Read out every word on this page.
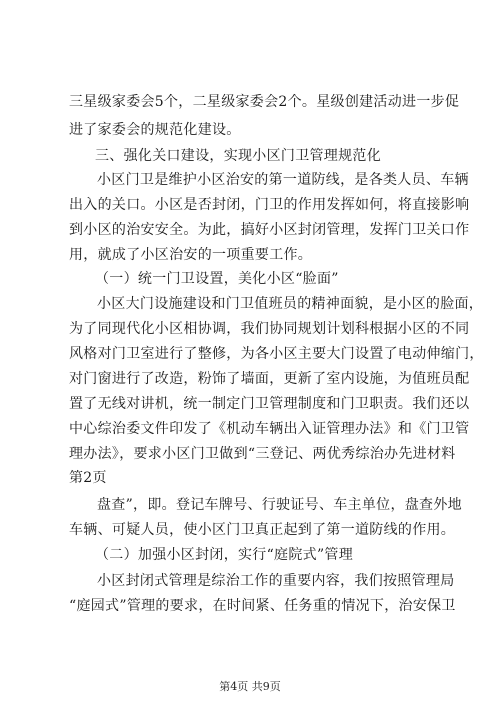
三星级家委会5个，二星级家委会2个。星级创建活动进一步促
进了家委会的规范化建设。
三、强化关口建设，实现小区门卫管理规范化
小区门卫是维护小区治安的第一道防线，是各类人员、车辆
出入的关口。小区是否封闭，门卫的作用发挥如何，将直接影响
到小区的治安安全。为此，搞好小区封闭管理，发挥门卫关口作
用，就成了小区治安的一项重要工作。
（一）统一门卫设置，美化小区“脸面”
小区大门设施建设和门卫值班员的精神面貌，是小区的脸面，
为了同现代化小区相协调，我们协同规划计划科根据小区的不同
风格对门卫室进行了整修，为各小区主要大门设置了电动伸缩门，
对门窗进行了改造，粉饰了墙面，更新了室内设施，为值班员配
置了无线对讲机，统一制定门卫管理制度和门卫职责。我们还以
中心综治委文件印发了《机动车辆出入证管理办法》和《门卫管
理办法》，要求小区门卫做到“三登记、两优秀综治办先进材料
第2页
盘查”，即。登记车牌号、行驶证号、车主单位，盘查外地
车辆、可疑人员，使小区门卫真正起到了第一道防线的作用。
（二）加强小区封闭，实行“庭院式”管理
小区封闭式管理是综治工作的重要内容，我们按照管理局
“庭园式”管理的要求，在时间紧、任务重的情况下，治安保卫
第4页 共9页
